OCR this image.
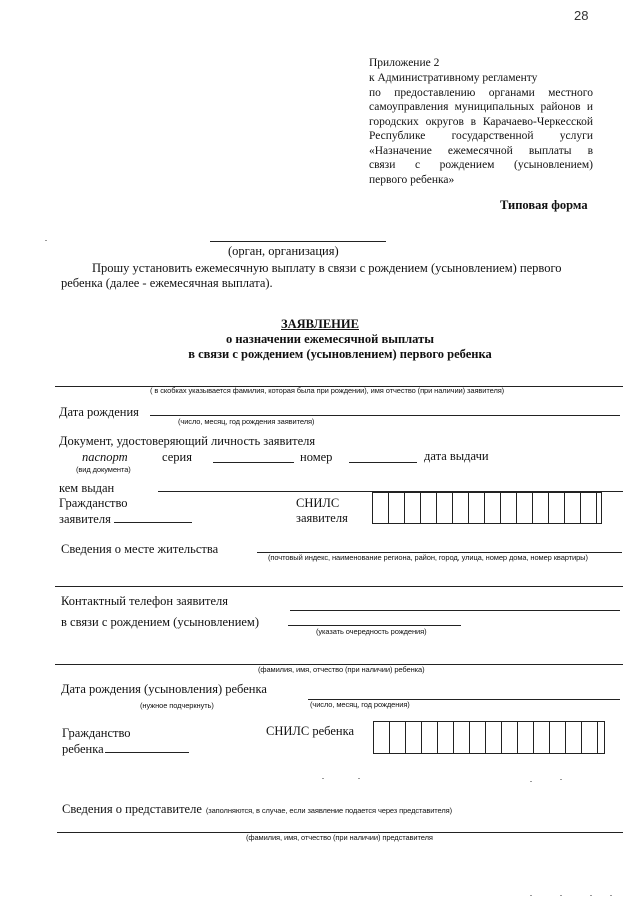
28
Приложение 2
к Административному регламенту
по предоставлению органами местного
самоуправления муниципальных районов и
городских округов в Карачаево-Черкесской
Республике государственной услуги
«Назначение ежемесячной выплаты в
связи с рождением (усыновлением)
первого ребенка»
Типовая форма
(орган, организация)
Прошу установить ежемесячную выплату в связи с рождением (усыновлением) первого
ребенка (далее - ежемесячная выплата).
ЗАЯВЛЕНИЕ
о назначении ежемесячной выплаты
в связи с рождением (усыновлением) первого ребенка
( в скобках указывается фамилия, которая была при рождении), имя отчество (при наличии) заявителя)
Дата рождения
(число, месяц, год рождения заявителя)
Документ, удостоверяющий личность заявителя
паспорт
(вид документа)
серия	номер	дата выдачи
кем выдан
Гражданство
заявителя
СНИЛС
заявителя
Сведения о месте жительства
(почтовый индекс, наименование региона, район, город, улица, номер дома, номер квартиры)
Контактный телефон заявителя
в связи с рождением (усыновлением)
(указать очередность рождения)
(фамилия, имя, отчество (при наличии) ребенка)
Дата рождения (усыновления) ребенка
(нужное подчеркнуть)	(число, месяц, год рождения)
Гражданство
ребенка
СНИЛС ребенка
Сведения о представителе (заполняются, в случае, если заявление подается через представителя)
(фамилия, имя, отчество (при наличии) представителя
